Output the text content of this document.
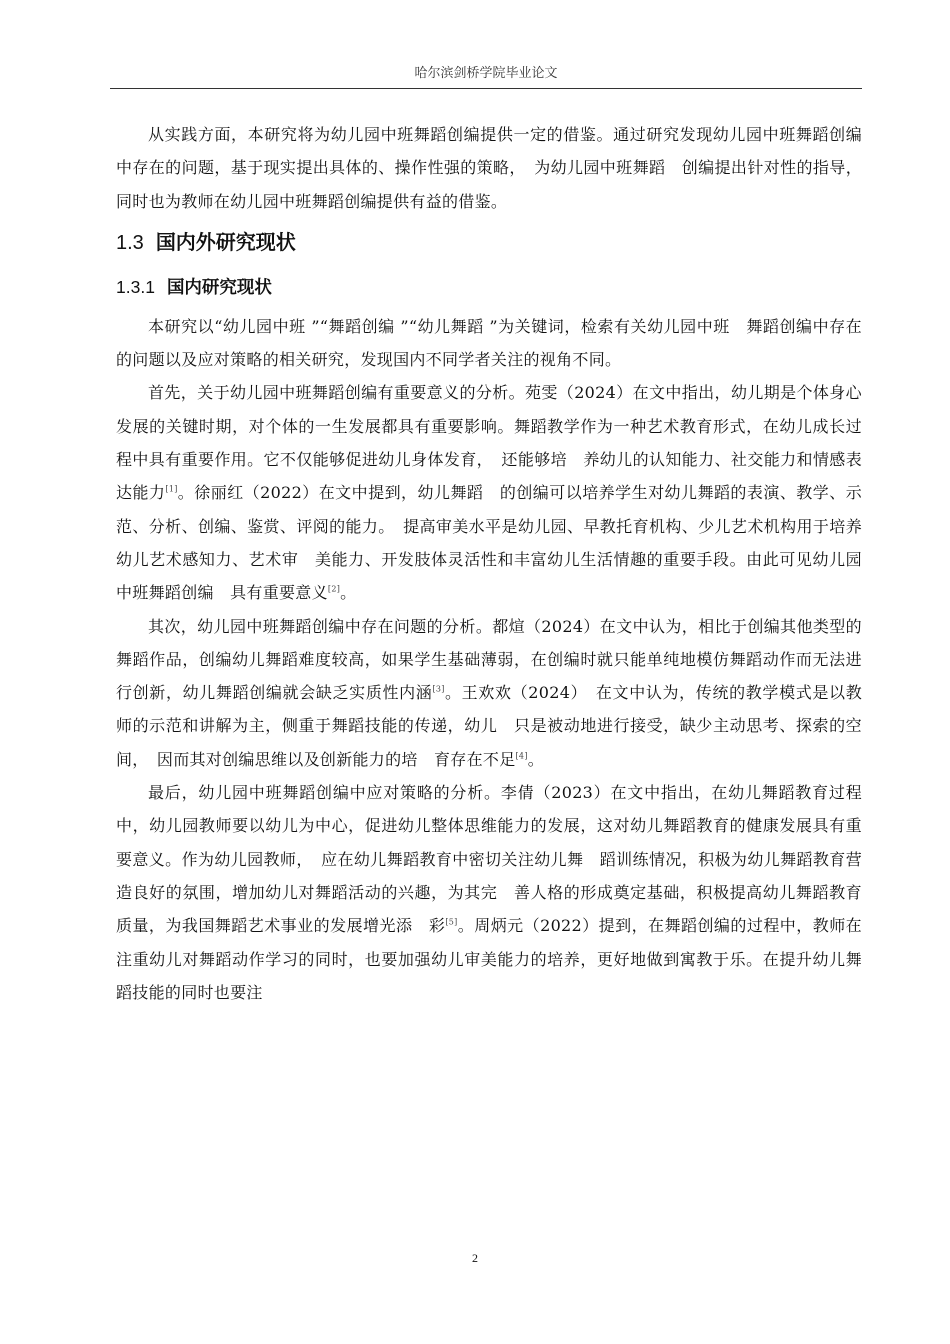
哈尔滨剑桥学院毕业论文

从实践方面，本研究将为幼儿园中班舞蹈创编提供一定的借鉴。通过研究发现幼儿园中班舞蹈创编中存在的问题，基于现实提出具体的、操作性强的策略，　为幼儿园中班舞蹈　创编提出针对性的指导，同时也为教师在幼儿园中班舞蹈创编提供有益的借鉴。

1.3 国内外研究现状
1.3.1 国内研究现状

本研究以“幼儿园中班 ”“舞蹈创编 ”“幼儿舞蹈 ”为关键词，检索有关幼儿园中班　舞蹈创编中存在的问题以及应对策略的相关研究，发现国内不同学者关注的视角不同。

首先，关于幼儿园中班舞蹈创编有重要意义的分析。苑雯（2024）在文中指出，幼儿期是个体身心发展的关键时期，对个体的一生发展都具有重要影响。舞蹈教学作为一种艺术教育形式，在幼儿成长过程中具有重要作用。它不仅能够促进幼儿身体发育，　还能够培　养幼儿的认知能力、社交能力和情感表达能力[1]。徐丽红（2022）在文中提到，幼儿舞蹈　的创编可以培养学生对幼儿舞蹈的表演、教学、示范、分析、创编、鉴赏、评阅的能力。　提高审美水平是幼儿园、早教托育机构、少儿艺术机构用于培养幼儿艺术感知力、艺术审　美能力、开发肢体灵活性和丰富幼儿生活情趣的重要手段。由此可见幼儿园中班舞蹈创编　具有重要意义[2]。

其次，幼儿园中班舞蹈创编中存在问题的分析。都煊（2024）在文中认为，相比于创编其他类型的舞蹈作品，创编幼儿舞蹈难度较高，如果学生基础薄弱，在创编时就只能单纯地模仿舞蹈动作而无法进行创新，幼儿舞蹈创编就会缺乏实质性内涵[3]。王欢欢（2024）　在文中认为，传统的教学模式是以教师的示范和讲解为主，侧重于舞蹈技能的传递，幼儿　只是被动地进行接受，缺少主动思考、探索的空间，　因而其对创编思维以及创新能力的培　育存在不足[4]。

最后，幼儿园中班舞蹈创编中应对策略的分析。李倩（2023）在文中指出，在幼儿舞蹈教育过程中，幼儿园教师要以幼儿为中心，促进幼儿整体思维能力的发展，这对幼儿舞蹈教育的健康发展具有重要意义。作为幼儿园教师，　应在幼儿舞蹈教育中密切关注幼儿舞　蹈训练情况，积极为幼儿舞蹈教育营造良好的氛围，增加幼儿对舞蹈活动的兴趣，为其完　善人格的形成奠定基础，积极提高幼儿舞蹈教育质量，为我国舞蹈艺术事业的发展增光添　彩[5]。周炳元（2022）提到，在舞蹈创编的过程中，教师在注重幼儿对舞蹈动作学习的同时，也要加强幼儿审美能力的培养，更好地做到寓教于乐。在提升幼儿舞蹈技能的同时也要注

2
